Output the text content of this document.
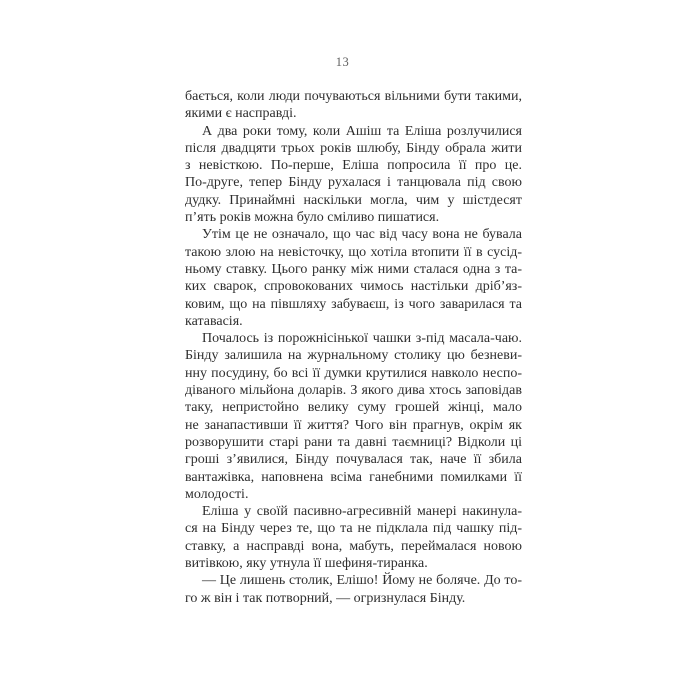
13
бається, коли люди почуваються вільними бути такими,
якими є насправді.
А два роки тому, коли Ашіш та Еліша розлучилися
після двадцяти трьох років шлюбу, Бінду обрала жити
з невісткою. По-перше, Еліша попросила її про це.
По-друге, тепер Бінду рухалася і танцювала під свою
дудку. Принаймні наскільки могла, чим у шістдесят
п’ять років можна було сміливо пишатися.
Утім це не означало, що час від часу вона не бувала
такою злою на невісточку, що хотіла втопити її в сусід-
ньому ставку. Цього ранку між ними сталася одна з та-
ких сварок, спровокованих чимось настільки дріб’яз-
ковим, що на півшляху забуваєш, із чого заварилася та
катавасія.
Почалось із порожнісінької чашки з-під масала-чаю.
Бінду залишила на журнальному столику цю безневи-
нну посудину, бо всі її думки крутилися навколо неспо-
діваного мільйона доларів. З якого дива хтось заповідав
таку, непристойно велику суму грошей жінці, мало
не занапастивши її життя? Чого він прагнув, окрім як
розворушити старі рани та давні таємниці? Відколи ці
гроші з’явилися, Бінду почувалася так, наче її збила
вантажівка, наповнена всіма ганебними помилками її
молодості.
Еліша у своїй пасивно-агресивній манері накинула-
ся на Бінду через те, що та не підклала під чашку під-
ставку, а насправді вона, мабуть, переймалася новою
витівкою, яку утнула її шефиня-тиранка.
— Це лишень столик, Елішо! Йому не боляче. До то-
го ж він і так потворний, — огризнулася Бінду.
